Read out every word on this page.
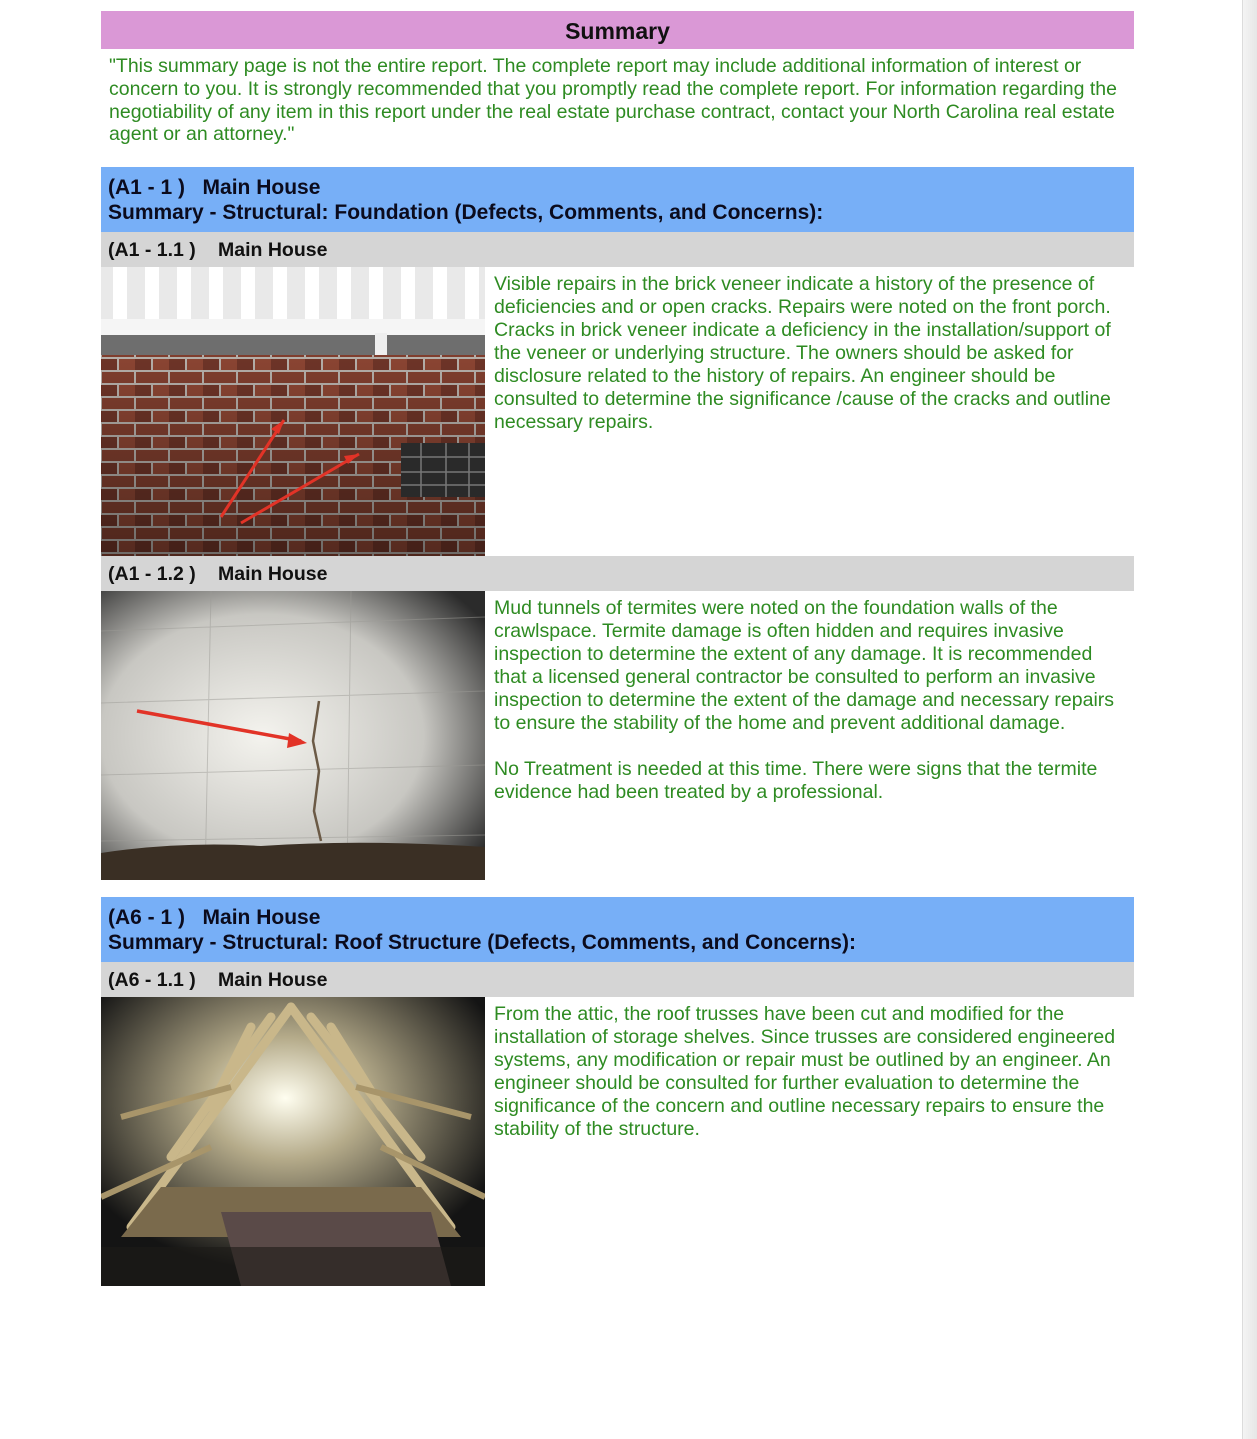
Summary
"This summary page is not the entire report. The complete report may include additional information of interest or concern to you. It is strongly recommended that you promptly read the complete report. For information regarding the negotiability of any item in this report under the real estate purchase contract, contact your North Carolina real estate agent or an attorney."
(A1 - 1 ) Main House
Summary - Structural: Foundation (Defects, Comments, and Concerns):
(A1 - 1.1 ) Main House

Visible repairs in the brick veneer indicate a history of the presence of deficiencies and or open cracks. Repairs were noted on the front porch. Cracks in brick veneer indicate a deficiency in the installation/support of the veneer or underlying structure. The owners should be asked for disclosure related to the history of repairs. An engineer should be consulted to determine the significance /cause of the cracks and outline necessary repairs.

(A1 - 1.2 ) Main House

Mud tunnels of termites were noted on the foundation walls of the crawlspace. Termite damage is often hidden and requires invasive inspection to determine the extent of any damage. It is recommended that a licensed general contractor be consulted to perform an invasive inspection to determine the extent of the damage and necessary repairs to ensure the stability of the home and prevent additional damage.

No Treatment is needed at this time. There were signs that the termite evidence had been treated by a professional.

(A6 - 1 ) Main House
Summary - Structural: Roof Structure (Defects, Comments, and Concerns):
(A6 - 1.1 ) Main House

From the attic, the roof trusses have been cut and modified for the installation of storage shelves. Since trusses are considered engineered systems, any modification or repair must be outlined by an engineer. An engineer should be consulted for further evaluation to determine the significance of the concern and outline necessary repairs to ensure the stability of the structure.
